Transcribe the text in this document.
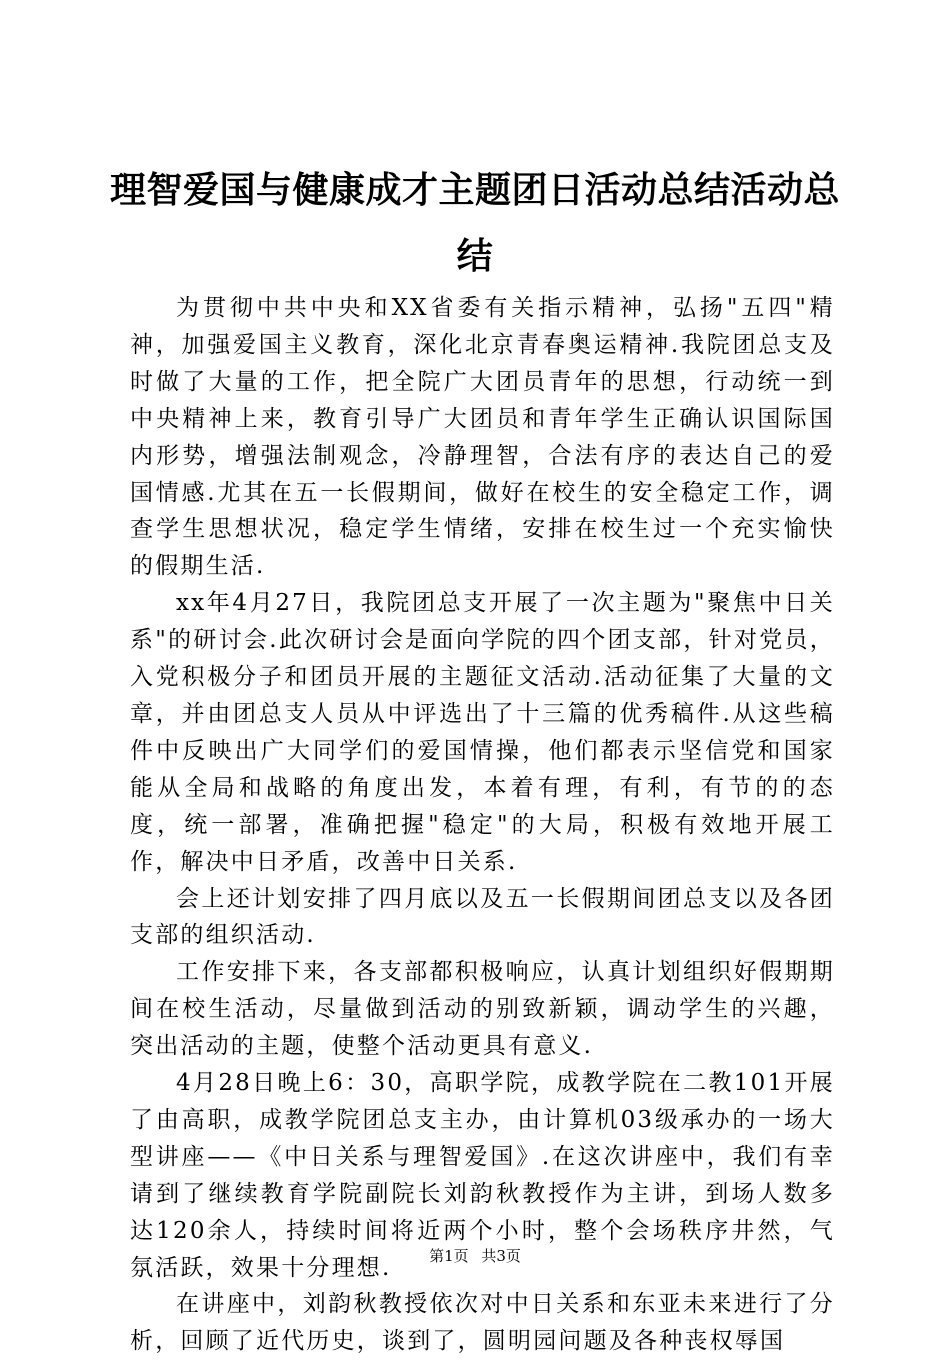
理智爱国与健康成才主题团日活动总结活动总结

为贯彻中共中央和XX省委有关指示精神，弘扬"五四"精神，加强爱国主义教育，深化北京青春奥运精神.我院团总支及时做了大量的工作，把全院广大团员青年的思想，行动统一到中央精神上来，教育引导广大团员和青年学生正确认识国际国内形势，增强法制观念，冷静理智，合法有序的表达自己的爱国情感.尤其在五一长假期间，做好在校生的安全稳定工作，调查学生思想状况，稳定学生情绪，安排在校生过一个充实愉快的假期生活.

xx年4月27日，我院团总支开展了一次主题为"聚焦中日关系"的研讨会.此次研讨会是面向学院的四个团支部，针对党员，入党积极分子和团员开展的主题征文活动.活动征集了大量的文章，并由团总支人员从中评选出了十三篇的优秀稿件.从这些稿件中反映出广大同学们的爱国情操，他们都表示坚信党和国家能从全局和战略的角度出发，本着有理，有利，有节的的态度，统一部署，准确把握"稳定"的大局，积极有效地开展工作，解决中日矛盾，改善中日关系.

会上还计划安排了四月底以及五一长假期间团总支以及各团支部的组织活动.

工作安排下来，各支部都积极响应，认真计划组织好假期期间在校生活动，尽量做到活动的别致新颖，调动学生的兴趣，突出活动的主题，使整个活动更具有意义.

4月28日晚上6：30，高职学院，成教学院在二教101开展了由高职，成教学院团总支主办，由计算机03级承办的一场大型讲座——《中日关系与理智爱国》.在这次讲座中，我们有幸请到了继续教育学院副院长刘韵秋教授作为主讲，到场人数多达120余人，持续时间将近两个小时，整个会场秩序井然，气氛活跃，效果十分理想.

在讲座中，刘韵秋教授依次对中日关系和东亚未来进行了分析，回顾了近代历史，谈到了，圆明园问题及各种丧权辱国

第1页 共3页
